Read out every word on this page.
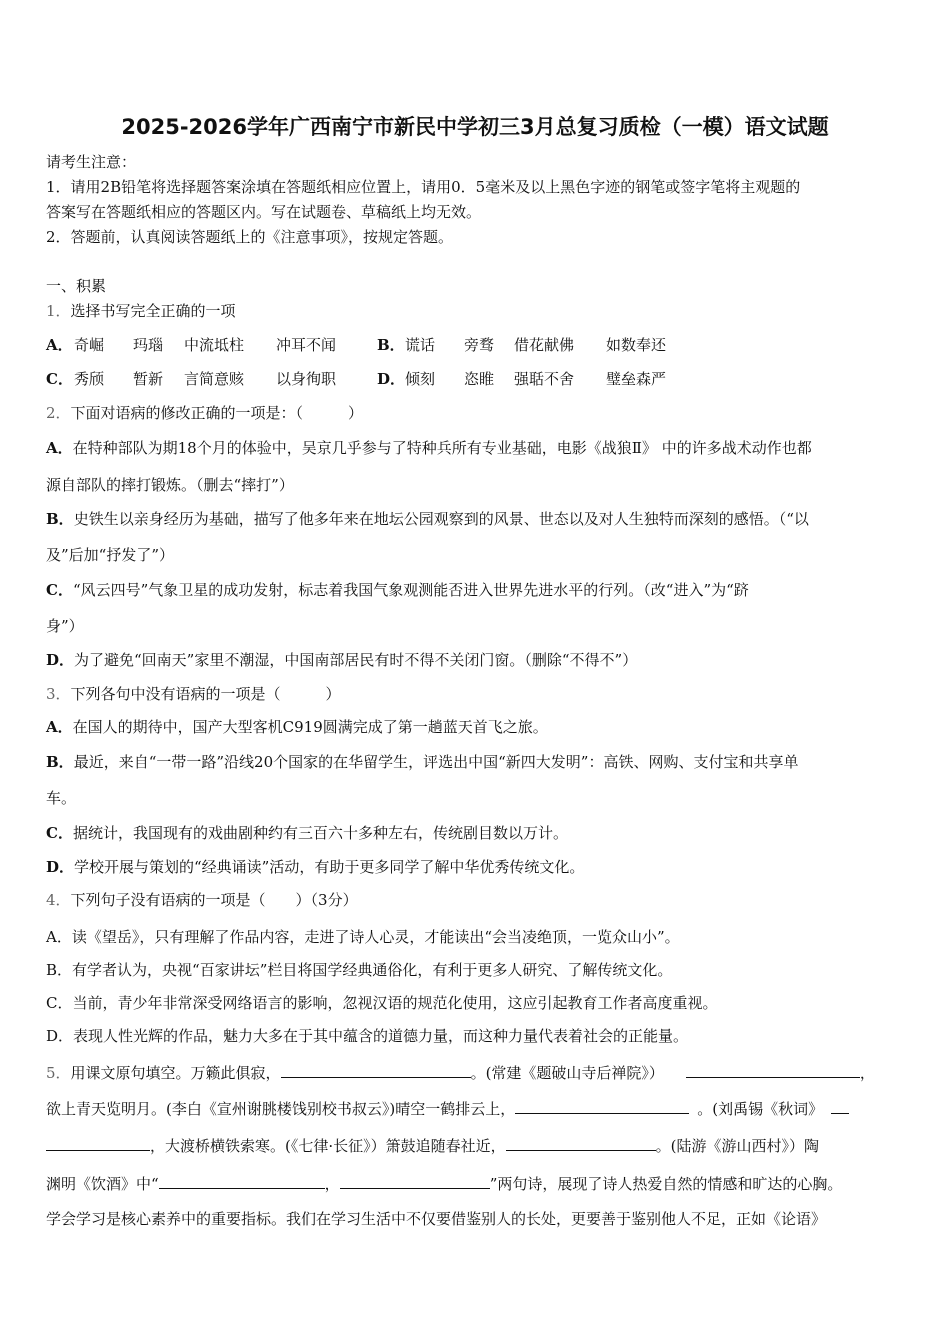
2025-2026学年广西南宁市新民中学初三3月总复习质检（一模）语文试题
请考生注意：
1．请用2B铅笔将选择题答案涂填在答题纸相应位置上，请用0．5毫米及以上黑色字迹的钢笔或签字笔将主观题的
答案写在答题纸相应的答题区内。写在试题卷、草稿纸上均无效。
2．答题前，认真阅读答题纸上的《注意事项》，按规定答题。
一、积累
1．选择书写完全正确的一项
A． 奇崛 玛瑙 中流坻柱 冲耳不闻	B． 谎话 旁骛 借花献佛 如数奉还
C． 秀颀 暂新 言简意赅 以身徇职	D． 倾刻 恣睢 强聒不舍 璧垒森严
2．下面对语病的修改正确的一项是：（　　　）
A．在特种部队为期18个月的体验中，吴京几乎参与了特种兵所有专业基础，电影《战狼Ⅱ》 中的许多战术动作也都
源自部队的摔打锻炼。（删去“摔打”）
B．史铁生以亲身经历为基础，描写了他多年来在地坛公园观察到的风景、世态以及对人生独特而深刻的感悟。（“以
及”后加“抒发了”）
C．“风云四号”气象卫星的成功发射，标志着我国气象观测能否进入世界先进水平的行列。（改“进入”为“跻
身”）
D．为了避免“回南天”家里不潮湿，中国南部居民有时不得不关闭门窗。（删除“不得不”）
3．下列各句中没有语病的一项是（　　　）
A．在国人的期待中，国产大型客机C919圆满完成了第一趟蓝天首飞之旅。
B．最近，来自“一带一路”沿线20个国家的在华留学生，评选出中国“新四大发明”：高铁、网购、支付宝和共享单
车。
C．据统计，我国现有的戏曲剧种约有三百六十多种左右，传统剧目数以万计。
D．学校开展与策划的“经典诵读”活动，有助于更多同学了解中华优秀传统文化。
4．下列句子没有语病的一项是（　　）（3分）
A．读《望岳》，只有理解了作品内容，走进了诗人心灵，才能读出“会当凌绝顶，一览众山小”。
B．有学者认为，央视“百家讲坛”栏目将国学经典通俗化，有利于更多人研究、了解传统文化。
C．当前，青少年非常深受网络语言的影响，忽视汉语的规范化使用，这应引起教育工作者高度重视。
D．表现人性光辉的作品，魅力大多在于其中蕴含的道德力量，而这种力量代表着社会的正能量。
5．用课文原句填空。万籁此俱寂，	。(常建《题破山寺后禅院》）	，
欲上青天览明月。(李白《宣州谢朓楼饯别校书叔云》)晴空一鹤排云上，	。(刘禹锡《秋词》
，大渡桥横铁索寒。(《七律·长征》）箫鼓追随春社近，	。(陆游《游山西村》）陶
渊明《饮酒》中“	，	”两句诗，展现了诗人热爱自然的情感和旷达的心胸。
学会学习是核心素养中的重要指标。我们在学习生活中不仅要借鉴别人的长处，更要善于鉴别他人不足，正如《论语》
